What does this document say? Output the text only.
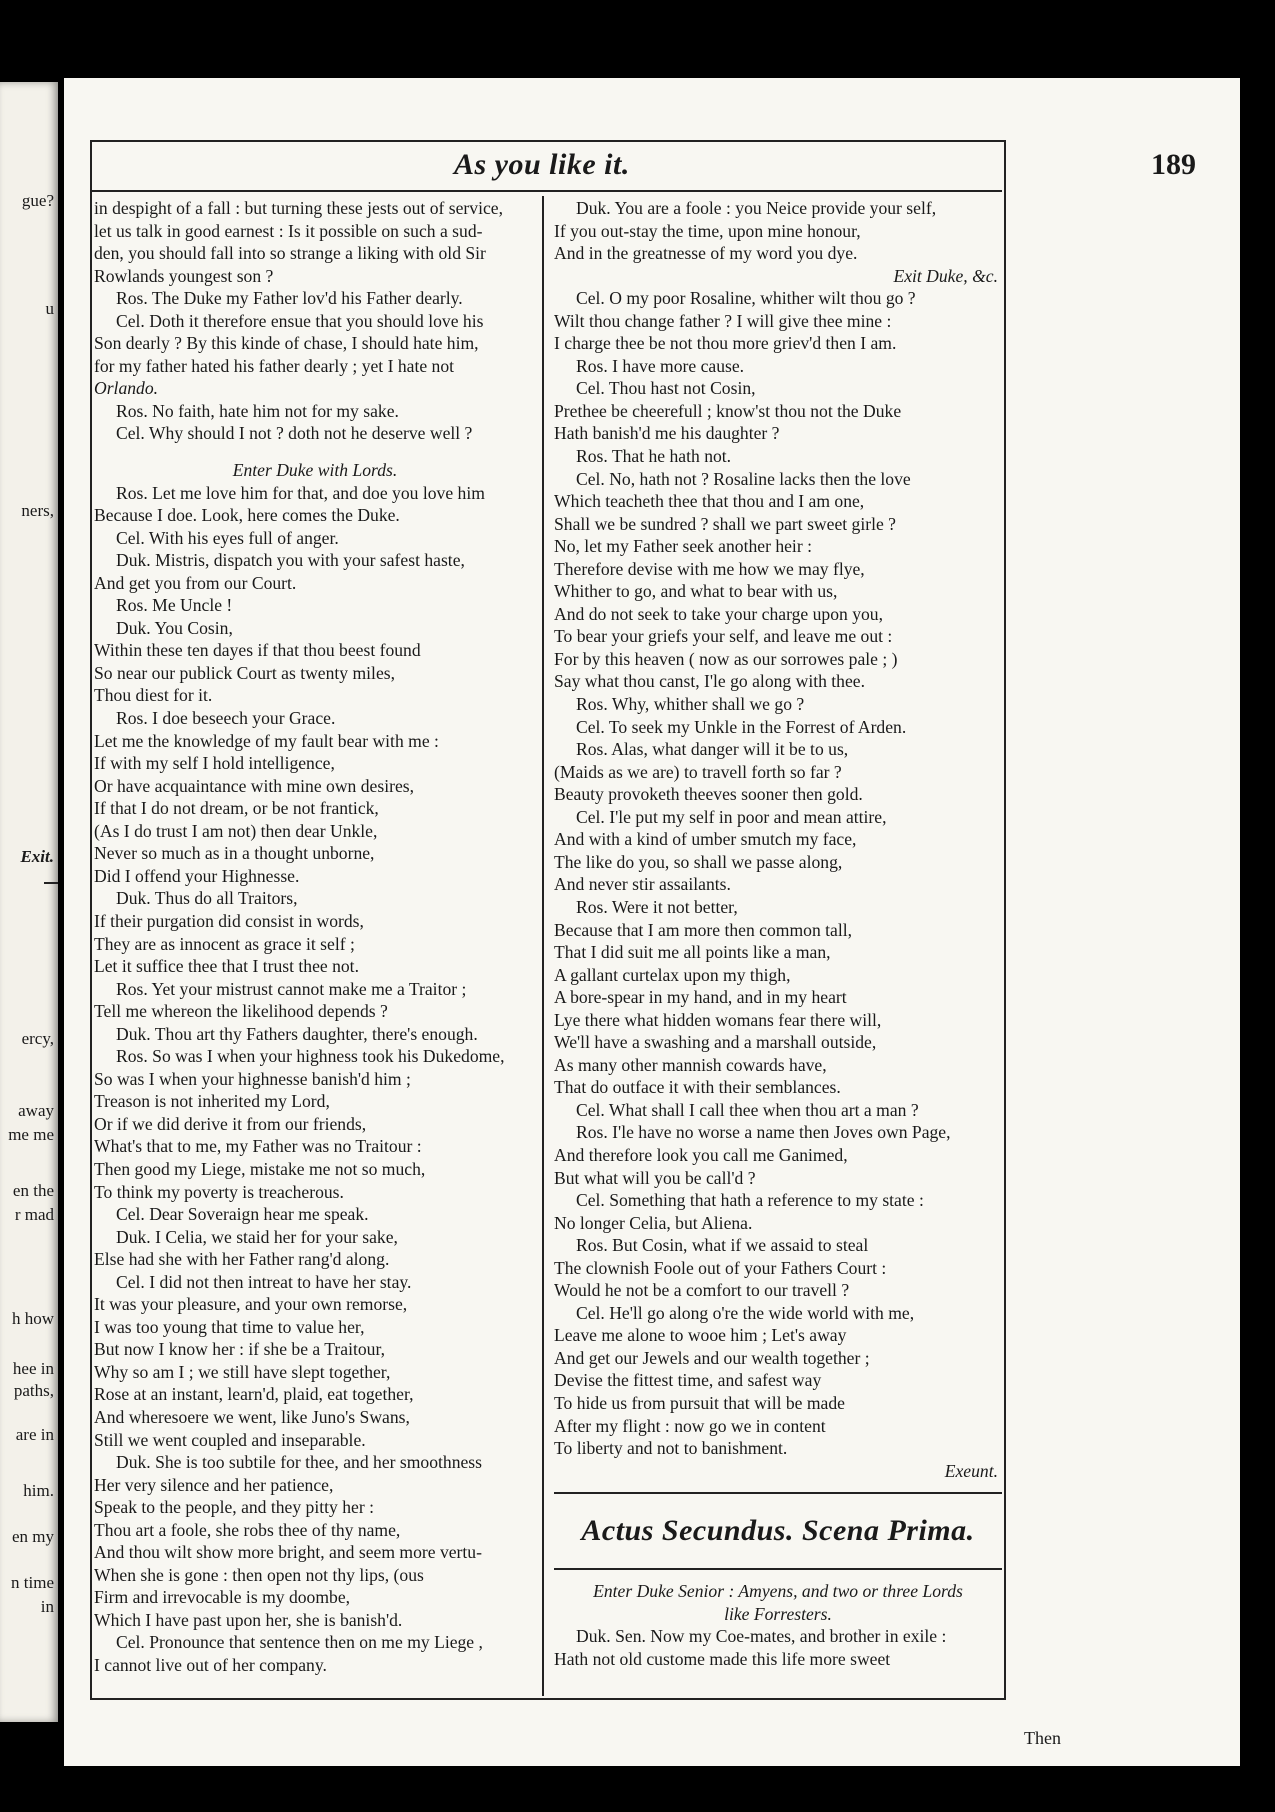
gue?
u
ners,
Exit.
ercy,
away
me me
en the
r mad
h how
hee in
paths,
are in
him.
en my
n time
in
As you like it.	189
in despight of a fall : but turning these jests out of service,
let us talk in good earnest : Is it possible on such a sud-
den, you should fall into so strange a liking with old Sir
Rowlands youngest son ?
Ros. The Duke my Father lov'd his Father dearly.
Cel. Doth it therefore ensue that you should love his
Son dearly ? By this kinde of chase, I should hate him,
for my father hated his father dearly ; yet I hate not
Orlando.
Ros. No faith, hate him not for my sake.
Cel. Why should I not ? doth not he deserve well ?
Enter Duke with Lords.
Ros. Let me love him for that, and doe you love him
Because I doe. Look, here comes the Duke.
Cel. With his eyes full of anger.
Duk. Mistris, dispatch you with your safest haste,
And get you from our Court.
Ros. Me Uncle !
Duk. You Cosin,
Within these ten dayes if that thou beest found
So near our publick Court as twenty miles,
Thou diest for it.
Ros. I doe beseech your Grace.
Let me the knowledge of my fault bear with me :
If with my self I hold intelligence,
Or have acquaintance with mine own desires,
If that I do not dream, or be not frantick,
(As I do trust I am not) then dear Unkle,
Never so much as in a thought unborne,
Did I offend your Highnesse.
Duk. Thus do all Traitors,
If their purgation did consist in words,
They are as innocent as grace it self ;
Let it suffice thee that I trust thee not.
Ros. Yet your mistrust cannot make me a Traitor ;
Tell me whereon the likelihood depends ?
Duk. Thou art thy Fathers daughter, there's enough.
Ros. So was I when your highness took his Dukedome,
So was I when your highnesse banish'd him ;
Treason is not inherited my Lord,
Or if we did derive it from our friends,
What's that to me, my Father was no Traitour :
Then good my Liege, mistake me not so much,
To think my poverty is treacherous.
Cel. Dear Soveraign hear me speak.
Duk. I Celia, we staid her for your sake,
Else had she with her Father rang'd along.
Cel. I did not then intreat to have her stay.
It was your pleasure, and your own remorse,
I was too young that time to value her,
But now I know her : if she be a Traitour,
Why so am I ; we still have slept together,
Rose at an instant, learn'd, plaid, eat together,
And wheresoere we went, like Juno's Swans,
Still we went coupled and inseparable.
Duk. She is too subtile for thee, and her smoothness
Her very silence and her patience,
Speak to the people, and they pitty her :
Thou art a foole, she robs thee of thy name,
And thou wilt show more bright, and seem more vertu-
When she is gone : then open not thy lips, (ous
Firm and irrevocable is my doombe,
Which I have past upon her, she is banish'd.
Cel. Pronounce that sentence then on me my Liege ,
I cannot live out of her company.
Duk. You are a foole : you Neice provide your self,
If you out-stay the time, upon mine honour,
And in the greatnesse of my word you dye.
Exit Duke, &c.
Cel. O my poor Rosaline, whither wilt thou go ?
Wilt thou change father ? I will give thee mine :
I charge thee be not thou more griev'd then I am.
Ros. I have more cause.
Cel. Thou hast not Cosin,
Prethee be cheerefull ; know'st thou not the Duke
Hath banish'd me his daughter ?
Ros. That he hath not.
Cel. No, hath not ? Rosaline lacks then the love
Which teacheth thee that thou and I am one,
Shall we be sundred ? shall we part sweet girle ?
No, let my Father seek another heir :
Therefore devise with me how we may flye,
Whither to go, and what to bear with us,
And do not seek to take your charge upon you,
To bear your griefs your self, and leave me out :
For by this heaven ( now as our sorrowes pale ; )
Say what thou canst, I'le go along with thee.
Ros. Why, whither shall we go ?
Cel. To seek my Unkle in the Forrest of Arden.
Ros. Alas, what danger will it be to us,
(Maids as we are) to travell forth so far ?
Beauty provoketh theeves sooner then gold.
Cel. I'le put my self in poor and mean attire,
And with a kind of umber smutch my face,
The like do you, so shall we passe along,
And never stir assailants.
Ros. Were it not better,
Because that I am more then common tall,
That I did suit me all points like a man,
A gallant curtelax upon my thigh,
A bore-spear in my hand, and in my heart
Lye there what hidden womans fear there will,
We'll have a swashing and a marshall outside,
As many other mannish cowards have,
That do outface it with their semblances.
Cel. What shall I call thee when thou art a man ?
Ros. I'le have no worse a name then Joves own Page,
And therefore look you call me Ganimed,
But what will you be call'd ?
Cel. Something that hath a reference to my state :
No longer Celia, but Aliena.
Ros. But Cosin, what if we assaid to steal
The clownish Foole out of your Fathers Court :
Would he not be a comfort to our travell ?
Cel. He'll go along o're the wide world with me,
Leave me alone to wooe him ; Let's away
And get our Jewels and our wealth together ;
Devise the fittest time, and safest way
To hide us from pursuit that will be made
After my flight : now go we in content
To liberty and not to banishment.
Exeunt.
Actus Secundus. Scena Prima.
Enter Duke Senior : Amyens, and two or three Lords
like Forresters.
Duk. Sen. Now my Coe-mates, and brother in exile :
Hath not old custome made this life more sweet
Then
